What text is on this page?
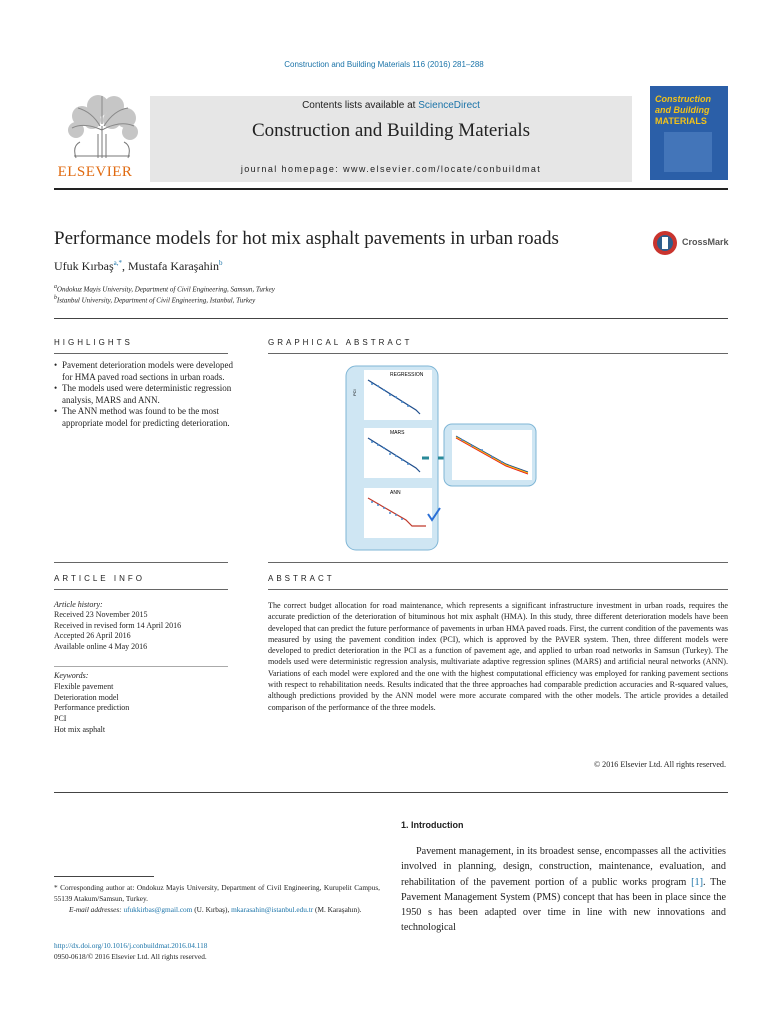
Construction and Building Materials 116 (2016) 281–288
ELSEVIER
Contents lists available at ScienceDirect
Construction and Building Materials
journal homepage: www.elsevier.com/locate/conbuildmat
Construction and Building
MATERIALS
Performance models for hot mix asphalt pavements in urban roads	CrossMark
Ufuk Kırbaş$^{a,*}$, Mustafa Karaşahin$^b$
$^a$Ondokuz Mayis University, Department of Civil Engineering, Samsun, Turkey
$^b$Istanbul University, Department of Civil Engineering, Istanbul, Turkey
HIGHLIGHTS
• Pavement deterioration models were developed for HMA paved road sections in urban roads.
• The models used were deterministic regression analysis, MARS and ANN.
• The ANN method was found to be the most appropriate model for predicting deterioration.
GRAPHICAL ABSTRACT
REGRESSION
PCI
MARS
ANN
ARTICLE INFO
Article history:
Received 23 November 2015
Received in revised form 14 April 2016
Accepted 26 April 2016
Available online 4 May 2016
Keywords:
Flexible pavement
Deterioration model
Performance prediction
PCI
Hot mix asphalt
ABSTRACT
The correct budget allocation for road maintenance, which represents a significant infrastructure investment in urban roads, requires the accurate prediction of the deterioration of bituminous hot mix asphalt (HMA). In this study, three different deterioration models have been developed that can predict the future performance of pavements in urban HMA paved roads. First, the current condition of the pavements was measured by using the pavement condition index (PCI), which is approved by the PAVER system. Then, three different models were developed to predict deterioration in the PCI as a function of pavement age, and applied to urban road networks in Samsun (Turkey). The models used were deterministic regression analysis, multivariate adaptive regression splines (MARS) and artificial neural networks (ANN). Variations of each model were explored and the one with the highest computational efficiency was employed for ranking pavement sections with respect to rehabilitation needs. Results indicated that the three approaches had comparable prediction accuracies and R-squared values, although predictions provided by the ANN model were more accurate compared with the other models. The article provides a detailed comparison of the performance of the three models.
© 2016 Elsevier Ltd. All rights reserved.
1. Introduction
Pavement management, in its broadest sense, encompasses all the activities involved in planning, design, construction, maintenance, evaluation, and rehabilitation of the pavement portion of a public works program [1]. The Pavement Management System (PMS) concept that has been in place since the 1950 s has been adapted over time in line with new innovations and technological
* Corresponding author at: Ondokuz Mayis University, Department of Civil Engineering, Kurupelit Campus, 55139 Atakum/Samsun, Turkey.
E-mail addresses: ufukkirbas@gmail.com (U. Kırbaş), mkarasahin@istanbul.edu.tr (M. Karaşahın).
http://dx.doi.org/10.1016/j.conbuildmat.2016.04.118
0950-0618/© 2016 Elsevier Ltd. All rights reserved.
